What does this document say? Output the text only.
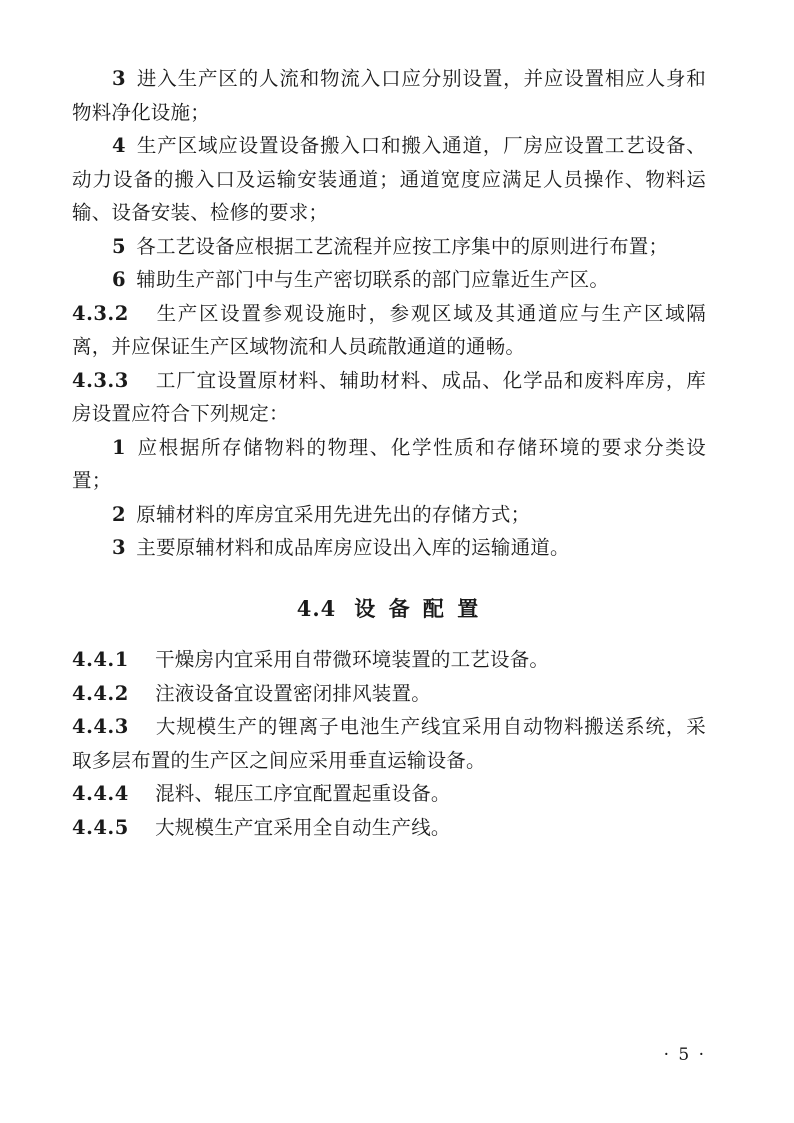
3 进入生产区的人流和物流入口应分别设置，并应设置相应人身和物料净化设施；

4 生产区域应设置设备搬入口和搬入通道，厂房应设置工艺设备、动力设备的搬入口及运输安装通道；通道宽度应满足人员操作、物料运输、设备安装、检修的要求；

5 各工艺设备应根据工艺流程并应按工序集中的原则进行布置；

6 辅助生产部门中与生产密切联系的部门应靠近生产区。

4.3.2 生产区设置参观设施时，参观区域及其通道应与生产区域隔离，并应保证生产区域物流和人员疏散通道的通畅。

4.3.3 工厂宜设置原材料、辅助材料、成品、化学品和废料库房，库房设置应符合下列规定：

1 应根据所存储物料的物理、化学性质和存储环境的要求分类设置；

2 原辅材料的库房宜采用先进先出的存储方式；

3 主要原辅材料和成品库房应设出入库的运输通道。

4.4 设 备 配 置

4.4.1 干燥房内宜采用自带微环境装置的工艺设备。

4.4.2 注液设备宜设置密闭排风装置。

4.4.3 大规模生产的锂离子电池生产线宜采用自动物料搬送系统，采取多层布置的生产区之间应采用垂直运输设备。

4.4.4 混料、辊压工序宜配置起重设备。

4.4.5 大规模生产宜采用全自动生产线。

· 5 ·
